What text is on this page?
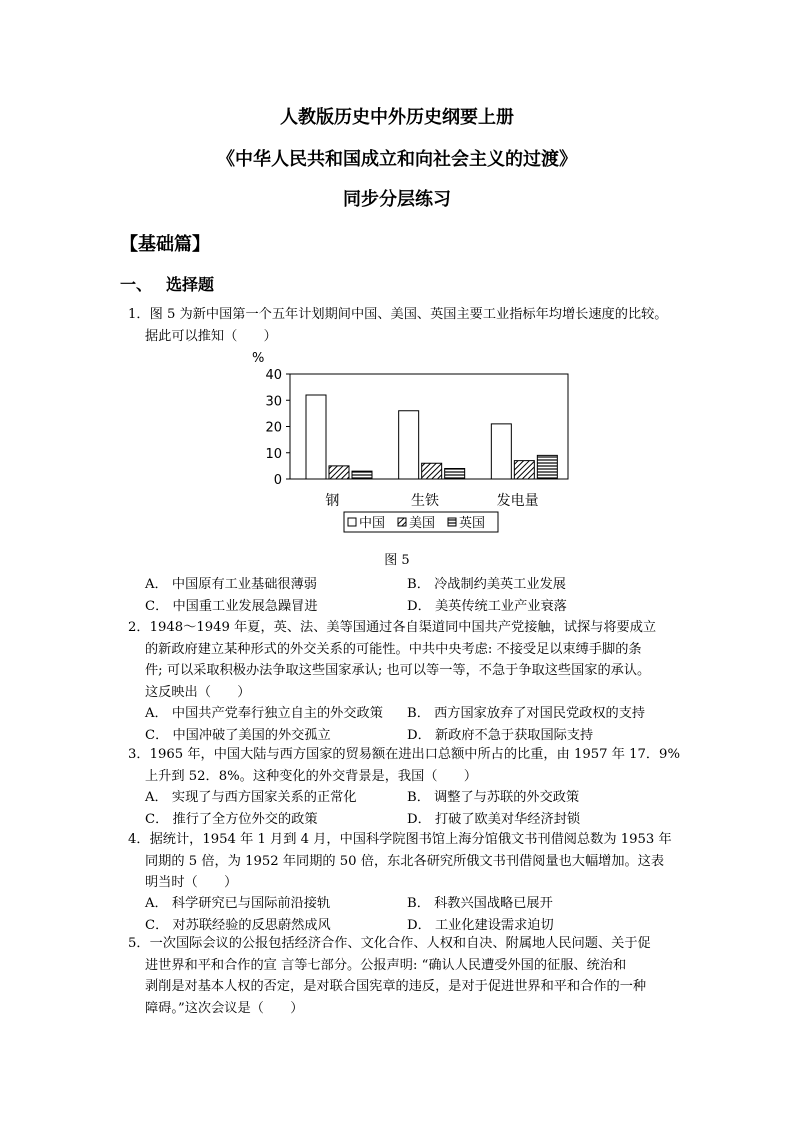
人教版历史中外历史纲要上册
《中华人民共和国成立和向社会主义的过渡》
同步分层练习
【基础篇】
一、 选择题
1．图 5 为新中国第一个五年计划期间中国、美国、英国主要工业指标年均增长速度的比较。
据此可以推知（　　）
%
0
10
20
30
40
钢	生铁	发电量
中国 美国 英国
图 5
A． 中国原有工业基础很薄弱	B． 冷战制约美英工业发展
C． 中国重工业发展急躁冒进	D． 美英传统工业产业衰落
2．1948～1949 年夏，英、法、美等国通过各自渠道同中国共产党接触，试探与将要成立
的新政府建立某种形式的外交关系的可能性。中共中央考虑: 不接受足以束缚手脚的条
件; 可以采取积极办法争取这些国家承认; 也可以等一等，不急于争取这些国家的承认。
这反映出（　　）
A． 中国共产党奉行独立自主的外交政策	B． 西方国家放弃了对国民党政权的支持
C． 中国冲破了美国的外交孤立	D． 新政府不急于获取国际支持
3．1965 年，中国大陆与西方国家的贸易额在进出口总额中所占的比重，由 1957 年 17．9%
上升到 52．8%。这种变化的外交背景是，我国（　　）
A． 实现了与西方国家关系的正常化	B． 调整了与苏联的外交政策
C． 推行了全方位外交的政策	D． 打破了欧美对华经济封锁
4．据统计，1954 年 1 月到 4 月，中国科学院图书馆上海分馆俄文书刊借阅总数为 1953 年
同期的 5 倍，为 1952 年同期的 50 倍，东北各研究所俄文书刊借阅量也大幅增加。这表
明当时（　　）
A． 科学研究已与国际前沿接轨	B． 科教兴国战略已展开
C． 对苏联经验的反思蔚然成风	D． 工业化建设需求迫切
5．一次国际会议的公报包括经济合作、文化合作、人权和自决、附属地人民问题、关于促
进世界和平和合作的宣 言等七部分。公报声明: “确认人民遭受外国的征服、统治和
剥削是对基本人权的否定，是对联合国宪章的违反，是对于促进世界和平和合作的一种
障碍。”这次会议是（　　）
